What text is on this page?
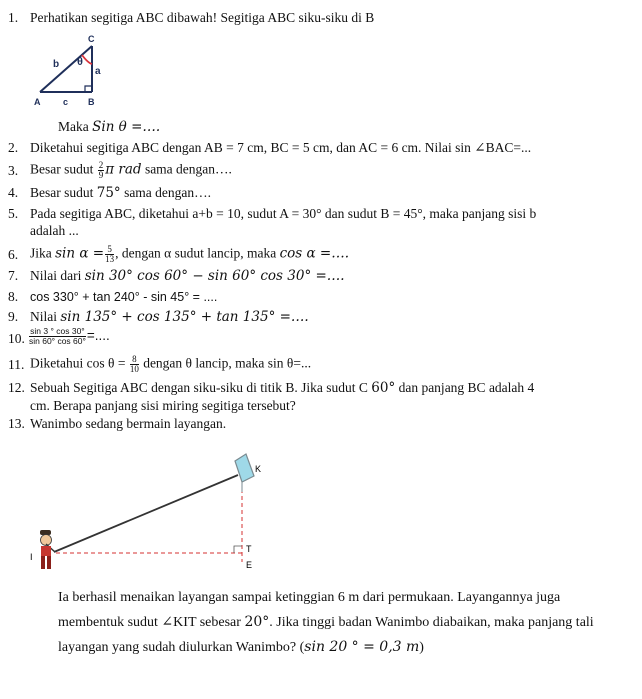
1. Perhatikan segitiga ABC dibawah! Segitiga ABC siku-siku di B
C
b θ
a
A	c B
Maka Sin θ =….
2. Diketahui segitiga ABC dengan AB = 7 cm, BC = 5 cm, dan AC = 6 cm. Nilai sin ∠BAC=...
3. Besar sudut $\frac{2}{9}$ π rad sama dengan….
4. Besar sudut 75° sama dengan….
5. Pada segitiga ABC, diketahui a+b = 10, sudut A = 30° dan sudut B = 45°, maka panjang sisi b
adalah ...
6. Jika $\sin \alpha = \frac{5}{13}$ , dengan α sudut lancip, maka cos α =….
7. Nilai dari sin 30° cos 60° − sin 60° cos 30° =….
8. cos 330° + tan 240° - sin 45° = ....
9. Nilai sin 135° + cos 135° + tan 135° =….
10. $\frac{\sin 3 ^\circ \cos 30^\circ}{\sin 60^\circ \cos 60^\circ}$ =....
11. Diketahui $\cos \theta = \frac{8}{10}$ dengan θ lancip, maka sin θ=...
12. Sebuah Segitiga ABC dengan siku-siku di titik B. Jika sudut C 60° dan panjang BC adalah 4
cm. Berapa panjang sisi miring segitiga tersebut?
13. Wanimbo sedang bermain layangan.
K
I
T
E
Ia berhasil menaikan layangan sampai ketinggian 6 m dari permukaan. Layangannya juga
membentuk sudut ∠KIT sebesar 20°. Jika tinggi badan Wanimbo diabaikan, maka panjang tali
layangan yang sudah diulurkan Wanimbo? (sin 20 ° = 0,3 m)
